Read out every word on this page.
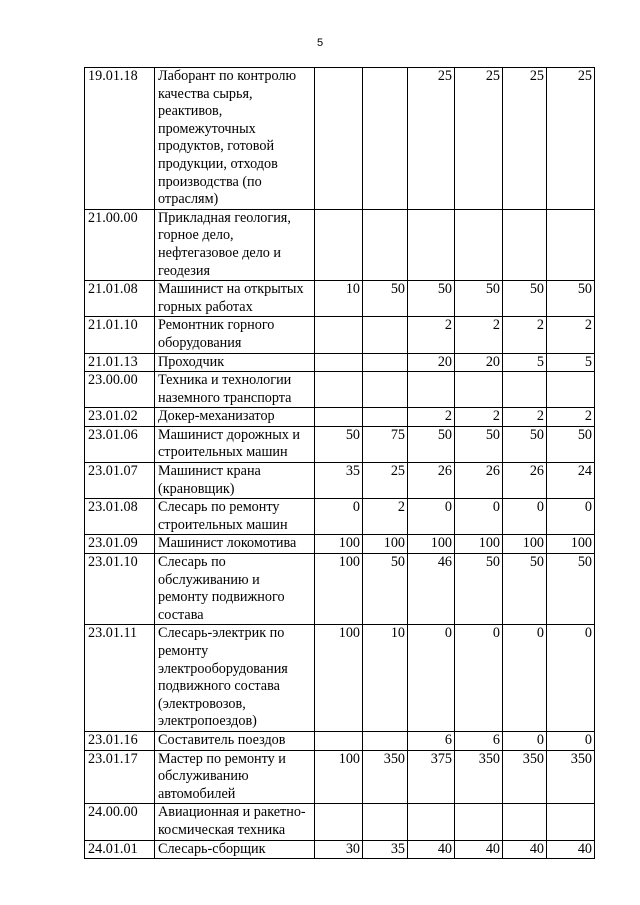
5
19.01.18	Лаборант по контролю качества сырья, реактивов, промежуточных продуктов, готовой продукции, отходов производства (по отраслям)			25	25	25	25
21.00.00	Прикладная геология, горное дело, нефтегазовое дело и геодезия						
21.01.08	Машинист на открытых горных работах	10	50	50	50	50	50
21.01.10	Ремонтник горного оборудования			2	2	2	2
21.01.13	Проходчик			20	20	5	5
23.00.00	Техника и технологии наземного транспорта						
23.01.02	Докер-механизатор			2	2	2	2
23.01.06	Машинист дорожных и строительных машин	50	75	50	50	50	50
23.01.07	Машинист крана (крановщик)	35	25	26	26	26	24
23.01.08	Слесарь по ремонту строительных машин	0	2	0	0	0	0
23.01.09	Машинист локомотива	100	100	100	100	100	100
23.01.10	Слесарь по обслуживанию и ремонту подвижного состава	100	50	46	50	50	50
23.01.11	Слесарь-электрик по ремонту электрооборудования подвижного состава (электровозов, электропоездов)	100	10	0	0	0	0
23.01.16	Составитель поездов			6	6	0	0
23.01.17	Мастер по ремонту и обслуживанию автомобилей	100	350	375	350	350	350
24.00.00	Авиационная и ракетно-космическая техника						
24.01.01	Слесарь-сборщик	30	35	40	40	40	40
